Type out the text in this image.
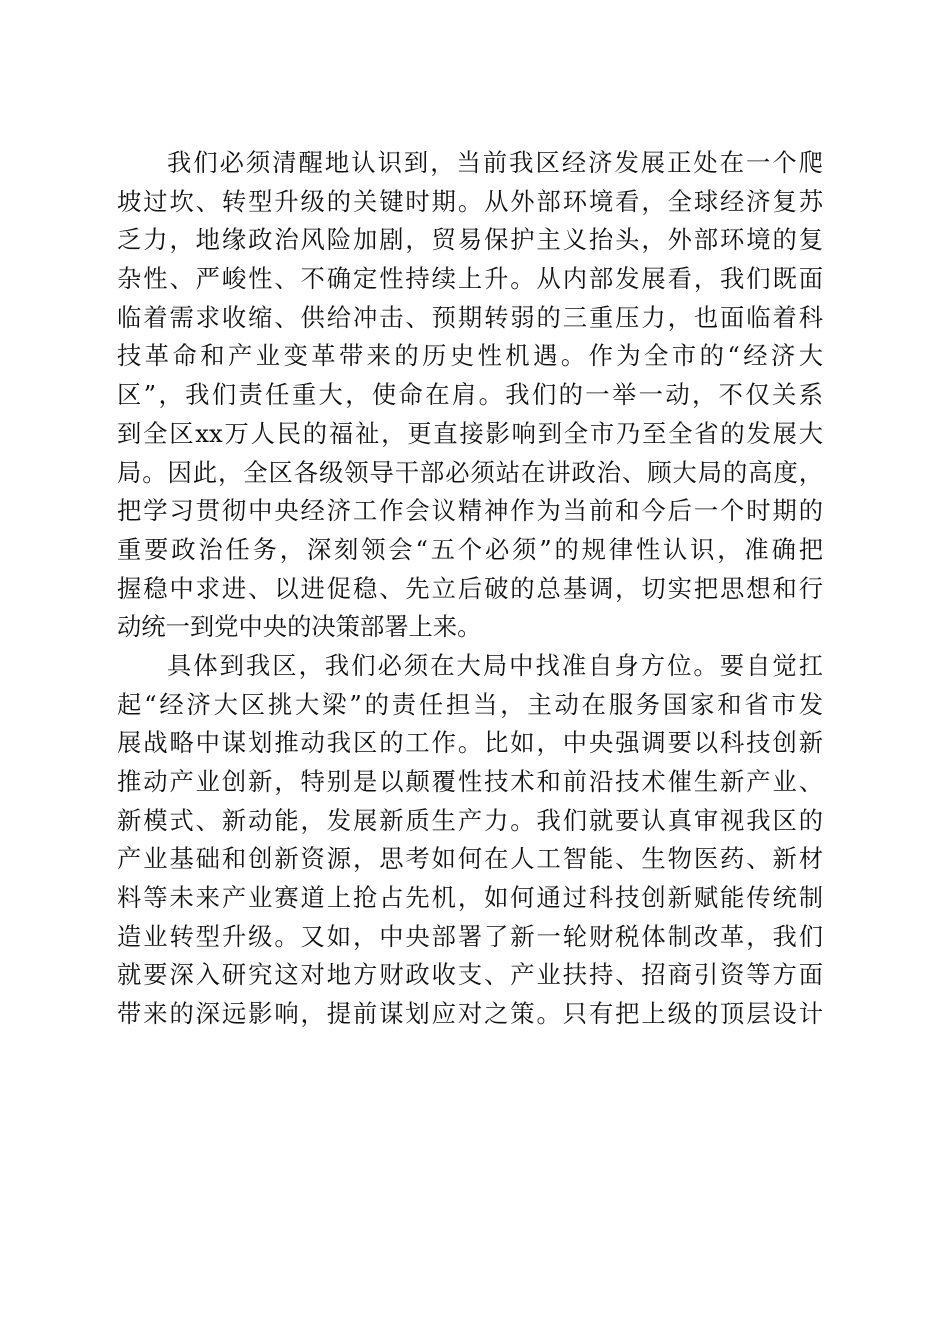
我们必须清醒地认识到，当前我区经济发展正处在一个爬
坡过坎、转型升级的关键时期。从外部环境看，全球经济复苏
乏力，地缘政治风险加剧，贸易保护主义抬头，外部环境的复
杂性、严峻性、不确定性持续上升。从内部发展看，我们既面
临着需求收缩、供给冲击、预期转弱的三重压力，也面临着科
技革命和产业变革带来的历史性机遇。作为全市的“经济大
区”，我们责任重大，使命在肩。我们的一举一动，不仅关系
到全区xx万人民的福祉，更直接影响到全市乃至全省的发展大
局。因此，全区各级领导干部必须站在讲政治、顾大局的高度，
把学习贯彻中央经济工作会议精神作为当前和今后一个时期的
重要政治任务，深刻领会“五个必须”的规律性认识，准确把
握稳中求进、以进促稳、先立后破的总基调，切实把思想和行
动统一到党中央的决策部署上来。
具体到我区，我们必须在大局中找准自身方位。要自觉扛
起“经济大区挑大梁”的责任担当，主动在服务国家和省市发
展战略中谋划推动我区的工作。比如，中央强调要以科技创新
推动产业创新，特别是以颠覆性技术和前沿技术催生新产业、
新模式、新动能，发展新质生产力。我们就要认真审视我区的
产业基础和创新资源，思考如何在人工智能、生物医药、新材
料等未来产业赛道上抢占先机，如何通过科技创新赋能传统制
造业转型升级。又如，中央部署了新一轮财税体制改革，我们
就要深入研究这对地方财政收支、产业扶持、招商引资等方面
带来的深远影响，提前谋划应对之策。只有把上级的顶层设计
